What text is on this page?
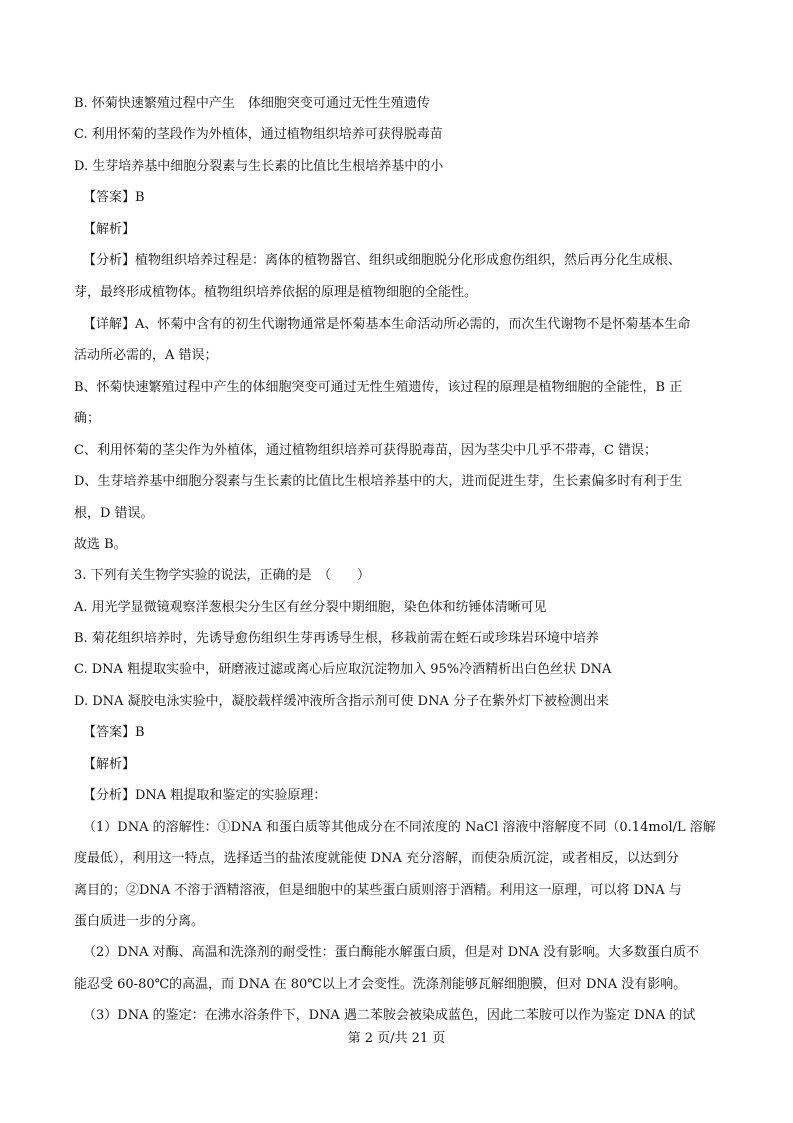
B. 怀菊快速繁殖过程中产生　体细胞突变可通过无性生殖遗传
C. 利用怀菊的茎段作为外植体，通过植物组织培养可获得脱毒苗
D. 生芽培养基中细胞分裂素与生长素的比值比生根培养基中的小
【答案】B
【解析】
【分析】植物组织培养过程是：离体的植物器官、组织或细胞脱分化形成愈伤组织，然后再分化生成根、
芽，最终形成植物体。植物组织培养依据的原理是植物细胞的全能性。
【详解】A、怀菊中含有的初生代谢物通常是怀菊基本生命活动所必需的，而次生代谢物不是怀菊基本生命
活动所必需的，A 错误；
B、怀菊快速繁殖过程中产生的体细胞突变可通过无性生殖遗传，该过程的原理是植物细胞的全能性，B 正
确；
C、利用怀菊的茎尖作为外植体，通过植物组织培养可获得脱毒苗，因为茎尖中几乎不带毒，C 错误；
D、生芽培养基中细胞分裂素与生长素的比值比生根培养基中的大，进而促进生芽，生长素偏多时有利于生
根，D 错误。
故选 B。
3. 下列有关生物学实验的说法，正确的是　（　　）
A. 用光学显微镜观察洋葱根尖分生区有丝分裂中期细胞，染色体和纺锤体清晰可见
B. 菊花组织培养时，先诱导愈伤组织生芽再诱导生根，移栽前需在蛭石或珍珠岩环境中培养
C. DNA 粗提取实验中，研磨液过滤或离心后应取沉淀物加入 95%冷酒精析出白色丝状 DNA
D. DNA 凝胶电泳实验中，凝胶载样缓冲液所含指示剂可使 DNA 分子在紫外灯下被检测出来
【答案】B
【解析】
【分析】DNA 粗提取和鉴定的实验原理：
（1）DNA 的溶解性：①DNA 和蛋白质等其他成分在不同浓度的 NaCl 溶液中溶解度不同（0.14mol/L 溶解
度最低），利用这一特点，选择适当的盐浓度就能使 DNA 充分溶解，而使杂质沉淀，或者相反，以达到分
离目的；②DNA 不溶于酒精溶液，但是细胞中的某些蛋白质则溶于酒精。利用这一原理，可以将 DNA 与
蛋白质进一步的分离。
（2）DNA 对酶、高温和洗涤剂的耐受性：蛋白酶能水解蛋白质，但是对 DNA 没有影响。大多数蛋白质不
能忍受 60-80℃的高温，而 DNA 在 80℃以上才会变性。洗涤剂能够瓦解细胞膜，但对 DNA 没有影响。
（3）DNA 的鉴定：在沸水浴条件下，DNA 遇二苯胺会被染成蓝色，因此二苯胺可以作为鉴定 DNA 的试
第 2 页/共 21 页
